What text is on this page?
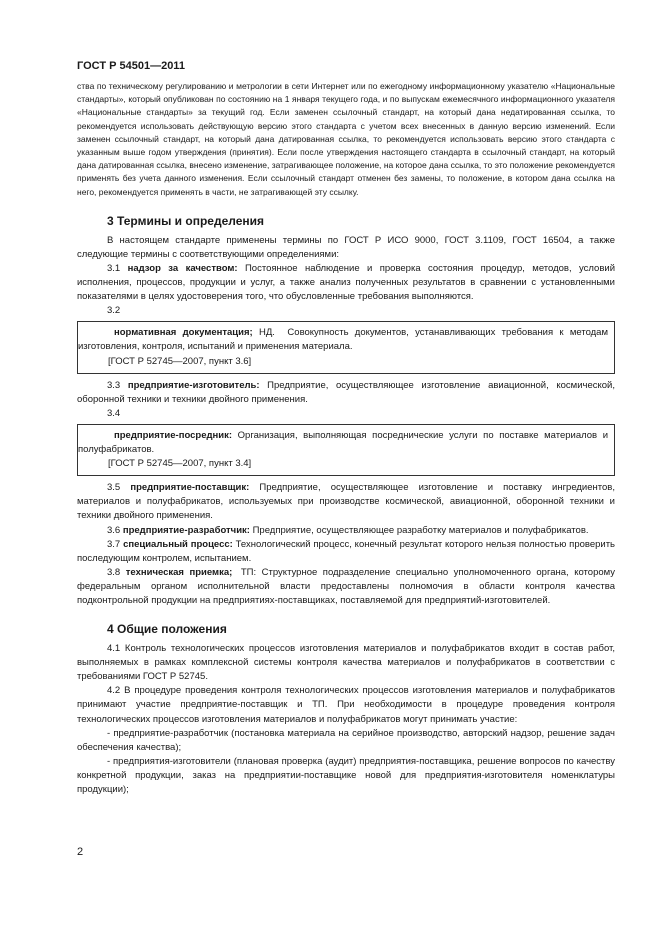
ГОСТ Р 54501—2011

ства по техническому регулированию и метрологии в сети Интернет или по ежегодному информационному указателю «Национальные стандарты», который опубликован по состоянию на 1 января текущего года, и по выпускам ежемесячного информационного указателя «Национальные стандарты» за текущий год. Если заменен ссылочный стандарт, на который дана недатированная ссылка, то рекомендуется использовать действующую версию этого стандарта с учетом всех внесенных в данную версию изменений. Если заменен ссылочный стандарт, на который дана датированная ссылка, то рекомендуется использовать версию этого стандарта с указанным выше годом утверждения (принятия). Если после утверждения настоящего стандарта в ссылочный стандарт, на который дана датированная ссылка, внесено изменение, затрагивающее положение, на которое дана ссылка, то это положение рекомендуется применять без учета данного изменения. Если ссылочный стандарт отменен без замены, то положение, в котором дана ссылка на него, рекомендуется применять в части, не затрагивающей эту ссылку.

3 Термины и определения

В настоящем стандарте применены термины по ГОСТ Р ИСО 9000, ГОСТ 3.1109, ГОСТ 16504, а также следующие термины с соответствующими определениями:

3.1 надзор за качеством: Постоянное наблюдение и проверка состояния процедур, методов, условий исполнения, процессов, продукции и услуг, а также анализ полученных результатов в сравнении с установленными показателями в целях удостоверения того, что обусловленные требования выполняются.

3.2

нормативная документация; НД.  Совокупность документов, устанавливающих требования к методам изготовления, контроля, испытаний и применения материала.

[ГОСТ Р 52745—2007, пункт 3.6]

3.3 предприятие-изготовитель: Предприятие, осуществляющее изготовление авиационной, космической, оборонной техники и техники двойного применения.

3.4

предприятие-посредник: Организация, выполняющая посреднические услуги по поставке материалов и полуфабрикатов.

[ГОСТ Р 52745—2007, пункт 3.4]

3.5 предприятие-поставщик: Предприятие, осуществляющее изготовление и поставку ингредиентов, материалов и полуфабрикатов, используемых при производстве космической, авиационной, оборонной техники и техники двойного применения.

3.6 предприятие-разработчик: Предприятие, осуществляющее разработку материалов и полуфабрикатов.

3.7 специальный процесс: Технологический процесс, конечный результат которого нельзя полностью проверить последующим контролем, испытанием.

3.8 техническая приемка; ТП: Структурное подразделение специально уполномоченного органа, которому федеральным органом исполнительной власти предоставлены полномочия в области контроля качества подконтрольной продукции на предприятиях-поставщиках, поставляемой для предприятий-изготовителей.

4 Общие положения

4.1 Контроль технологических процессов изготовления материалов и полуфабрикатов входит в состав работ, выполняемых в рамках комплексной системы контроля качества материалов и полуфабрикатов в соответствии с требованиями ГОСТ Р 52745.

4.2 В процедуре проведения контроля технологических процессов изготовления материалов и полуфабрикатов принимают участие предприятие-поставщик и ТП. При необходимости в процедуре проведения контроля технологических процессов изготовления материалов и полуфабрикатов могут принимать участие:

- предприятие-разработчик (постановка материала на серийное производство, авторский надзор, решение задач обеспечения качества);

- предприятия-изготовители (плановая проверка (аудит) предприятия-поставщика, решение вопросов по качеству конкретной продукции, заказ на предприятии-поставщике новой для предприятия-изготовителя номенклатуры продукции);

2
